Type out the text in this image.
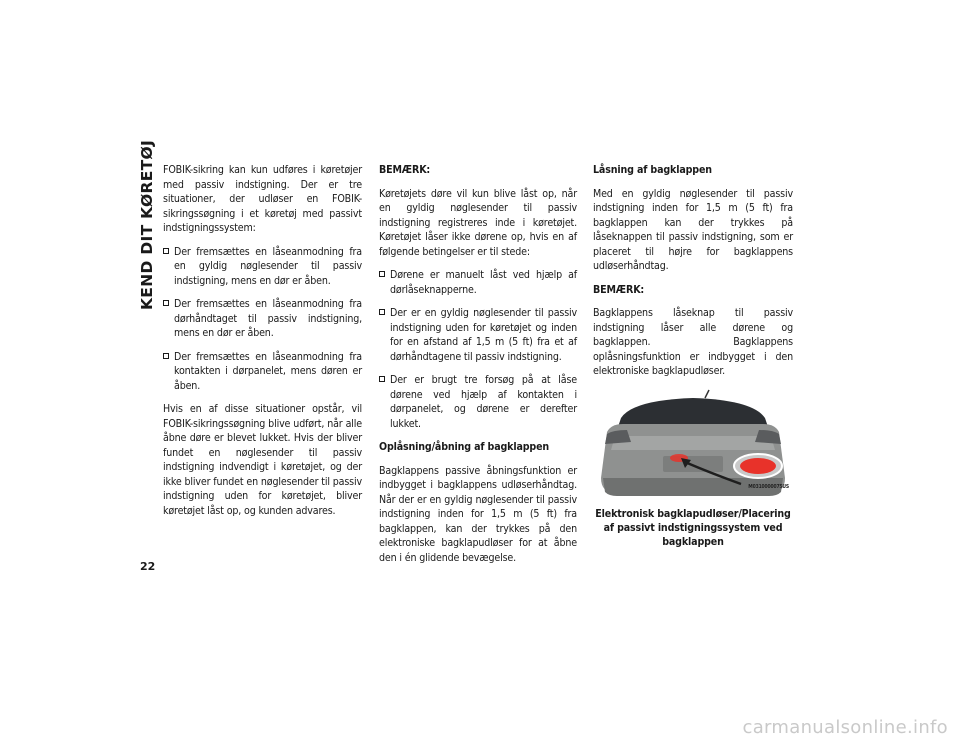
KEND DIT KØRETØJ FOBIK-sikring kan kun udføres i køretøjer med passiv indstigning. Der er tre situationer, der udløser en FOBIK-sikringssøgning i et køretøj med passivt indstigningssystem:

Der fremsættes en låseanmodning fra en gyldig nøglesender til passiv indstigning, mens en dør er åben.
Der fremsættes en låseanmodning fra dørhåndtaget til passiv indstigning, mens en dør er åben.
Der fremsættes en låseanmodning fra kontakten i dørpanelet, mens døren er åben.

Hvis en af disse situationer opstår, vil FOBIK-sikringssøgning blive udført, når alle åbne døre er blevet lukket. Hvis der bliver fundet en nøglesender til passiv indstigning indvendigt i køretøjet, og der ikke bliver fundet en nøglesender til passiv indstigning uden for køretøjet, bliver køretøjet låst op, og kunden advares.

BEMÆRK:

Køretøjets døre vil kun blive låst op, når en gyldig nøglesender til passiv indstigning registreres inde i køretøjet. Køretøjet låser ikke dørene op, hvis en af følgende betingelser er til stede:

Dørene er manuelt låst ved hjælp af dørlåseknapperne.
Der er en gyldig nøglesender til passiv indstigning uden for køretøjet og inden for en afstand af 1,5 m (5 ft) fra et af dørhåndtagene til passiv indstigning.
Der er brugt tre forsøg på at låse dørene ved hjælp af kontakten i dørpanelet, og dørene er derefter lukket.

Oplåsning/åbning af bagklappen

Bagklappens passive åbningsfunktion er indbygget i bagklappens udløserhåndtag. Når der er en gyldig nøglesender til passiv indstigning inden for 1,5 m (5 ft) fra bagklappen, kan der trykkes på den elektroniske bagklapudløser for at åbne den i én glidende bevægelse.

Låsning af bagklappen

Med en gyldig nøglesender til passiv indstigning inden for 1,5 m (5 ft) fra bagklappen kan der trykkes på låseknappen til passiv indstigning, som er placeret til højre for bagklappens udløserhåndtag.

BEMÆRK:

Bagklappens låseknap til passiv indstigning låser alle dørene og bagklappen. Bagklappens oplåsningsfunktion er indbygget i den elektroniske bagklapudløser.

M0310000075US

Elektronisk bagklapudløser/Placering af passivt indstigningssystem ved bagklappen

22
carmanualsonline.info
